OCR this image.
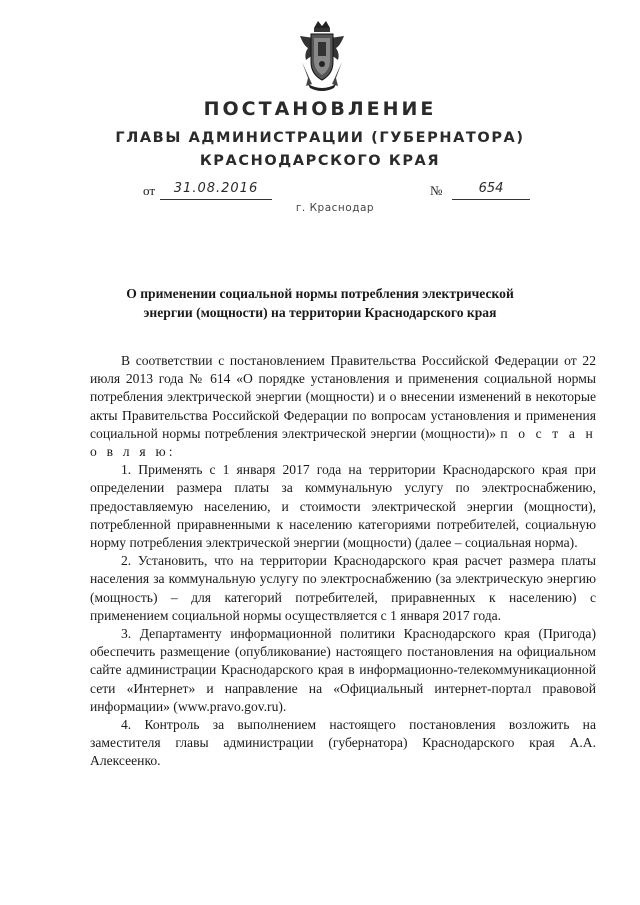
ПОСТАНОВЛЕНИЕ
ГЛАВЫ АДМИНИСТРАЦИИ (ГУБЕРНАТОРА)
КРАСНОДАРСКОГО КРАЯ
от	31.08.2016	№	654
г. Краснодар
О применении социальной нормы потребления электрической
энергии (мощности) на территории Краснодарского края

В соответствии с постановлением Правительства Российской Федерации от 22 июля 2013 года № 614 «О порядке установления и применения социальной нормы потребления электрической энергии (мощности) и о внесении изменений в некоторые акты Правительства Российской Федерации по вопросам установления и применения социальной нормы потребления электрической энергии (мощности)» п о с т а н о в л я ю:

1. Применять с 1 января 2017 года на территории Краснодарского края при определении размера платы за коммунальную услугу по электроснабжению, предоставляемую населению, и стоимости электрической энергии (мощности), потребленной приравненными к населению категориями потребителей, социальную норму потребления электрической энергии (мощности) (далее – социальная норма).

2. Установить, что на территории Краснодарского края расчет размера платы населения за коммунальную услугу по электроснабжению (за электрическую энергию (мощность) – для категорий потребителей, приравненных к населению) с применением социальной нормы осуществляется с 1 января 2017 года.

3. Департаменту информационной политики Краснодарского края (Пригода) обеспечить размещение (опубликование) настоящего постановления на официальном сайте администрации Краснодарского края в информационно-телекоммуникационной сети «Интернет» и направление на «Официальный интернет-портал правовой информации» (www.pravo.gov.ru).

4. Контроль за выполнением настоящего постановления возложить на заместителя главы администрации (губернатора) Краснодарского края А.А. Алексеенко.
